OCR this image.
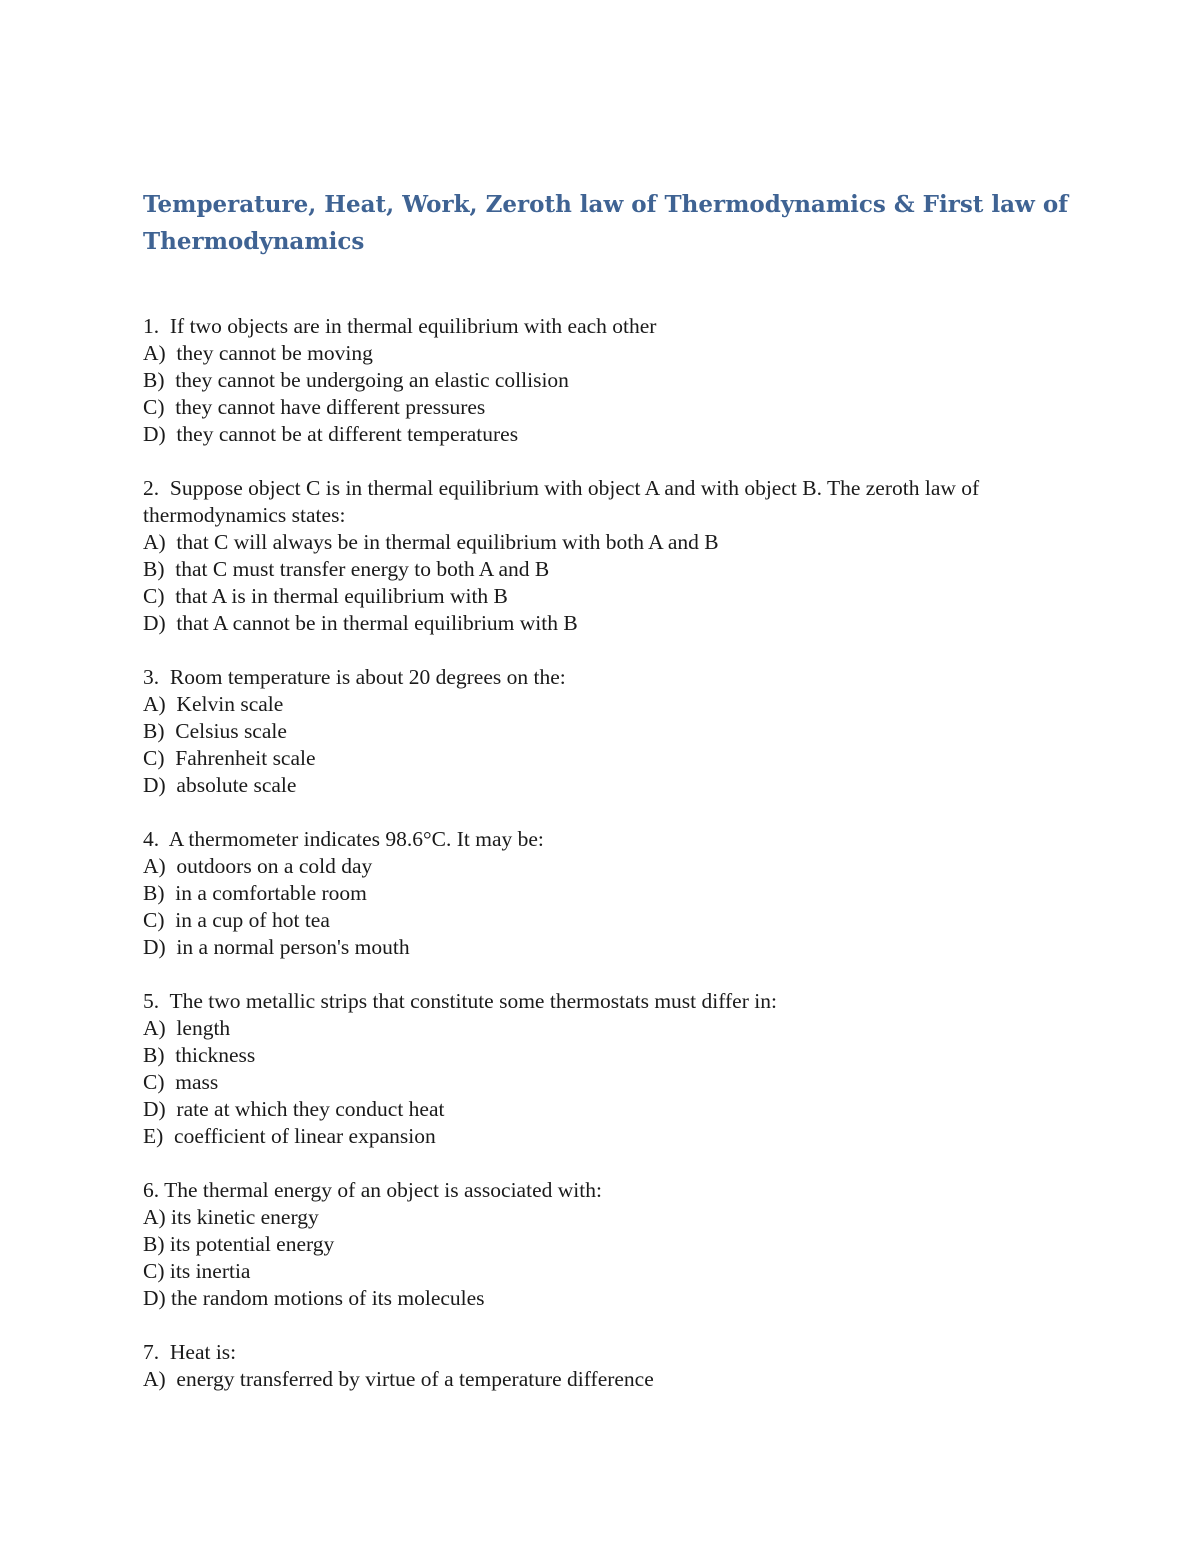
Temperature, Heat, Work, Zeroth law of Thermodynamics & First law of Thermodynamics

1.  If two objects are in thermal equilibrium with each other

A)  they cannot be moving

B)  they cannot be undergoing an elastic collision

C)  they cannot have different pressures

D)  they cannot be at different temperatures

2.  Suppose object C is in thermal equilibrium with object A and with object B. The zeroth law of thermodynamics states:

A)  that C will always be in thermal equilibrium with both A and B

B)  that C must transfer energy to both A and B

C)  that A is in thermal equilibrium with B

D)  that A cannot be in thermal equilibrium with B

3.  Room temperature is about 20 degrees on the:

A)  Kelvin scale

B)  Celsius scale

C)  Fahrenheit scale

D)  absolute scale

4.  A thermometer indicates 98.6°C. It may be:

A)  outdoors on a cold day

B)  in a comfortable room

C)  in a cup of hot tea

D)  in a normal person's mouth

5.  The two metallic strips that constitute some thermostats must differ in:

A)  length

B)  thickness

C)  mass

D)  rate at which they conduct heat

E)  coefficient of linear expansion

6. The thermal energy of an object is associated with:

A) its kinetic energy

B) its potential energy

C) its inertia

D) the random motions of its molecules

7.  Heat is:

A)  energy transferred by virtue of a temperature difference
